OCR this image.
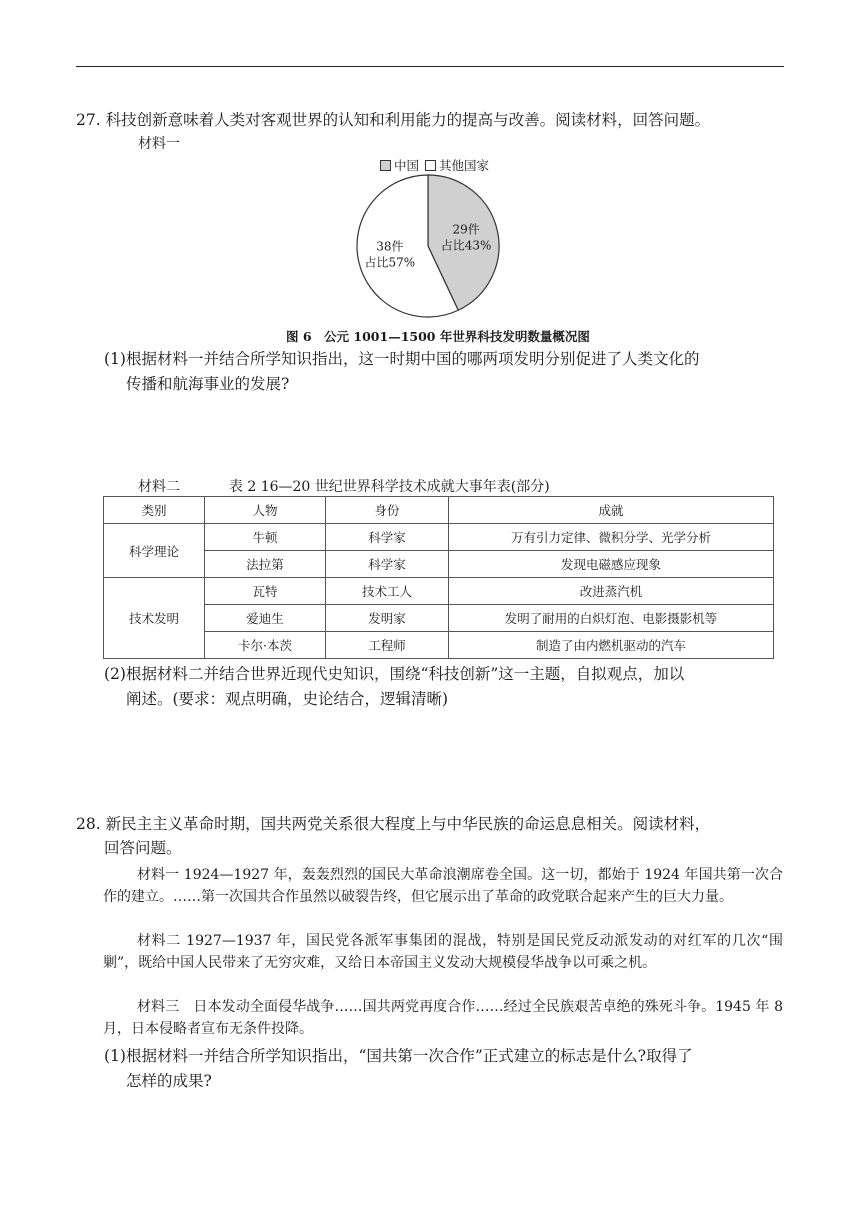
27. 科技创新意味着人类对客观世界的认知和利用能力的提高与改善。阅读材料，回答问题。
材料一
中国 其他国家
29件
占比43%
38件
占比57%
图 6　公元 1001—1500 年世界科技发明数量概况图
(1)根据材料一并结合所学知识指出，这一时期中国的哪两项发明分别促进了人类文化的
传播和航海事业的发展?
材料二	表 2 16—20 世纪世界科学技术成就大事年表(部分)
类别	人物	身份	成就
科学理论	牛顿	科学家	万有引力定律、微积分学、光学分析
	法拉第	科学家	发现电磁感应现象
技术发明	瓦特	技术工人	改进蒸汽机
	爱迪生	发明家	发明了耐用的白炽灯泡、电影摄影机等
	卡尔·本茨	工程师	制造了由内燃机驱动的汽车
(2)根据材料二并结合世界近现代史知识，围绕“科技创新”这一主题，自拟观点，加以
阐述。(要求：观点明确，史论结合，逻辑清晰)
28. 新民主主义革命时期，国共两党关系很大程度上与中华民族的命运息息相关。阅读材料，
回答问题。
材料一 1924—1927 年，轰轰烈烈的国民大革命浪潮席卷全国。这一切，都始于 1924 年国共第一次合作的建立。……第一次国共合作虽然以破裂告终，但它展示出了革命的政党联合起来产生的巨大力量。
材料二 1927—1937 年，国民党各派军事集团的混战，特别是国民党反动派发动的对红军的几次“围剿”，既给中国人民带来了无穷灾难，又给日本帝国主义发动大规模侵华战争以可乘之机。
材料三　日本发动全面侵华战争……国共两党再度合作……经过全民族艰苦卓绝的殊死斗争。1945 年 8 月，日本侵略者宣布无条件投降。
(1)根据材料一并结合所学知识指出，“国共第一次合作”正式建立的标志是什么?取得了
怎样的成果?
